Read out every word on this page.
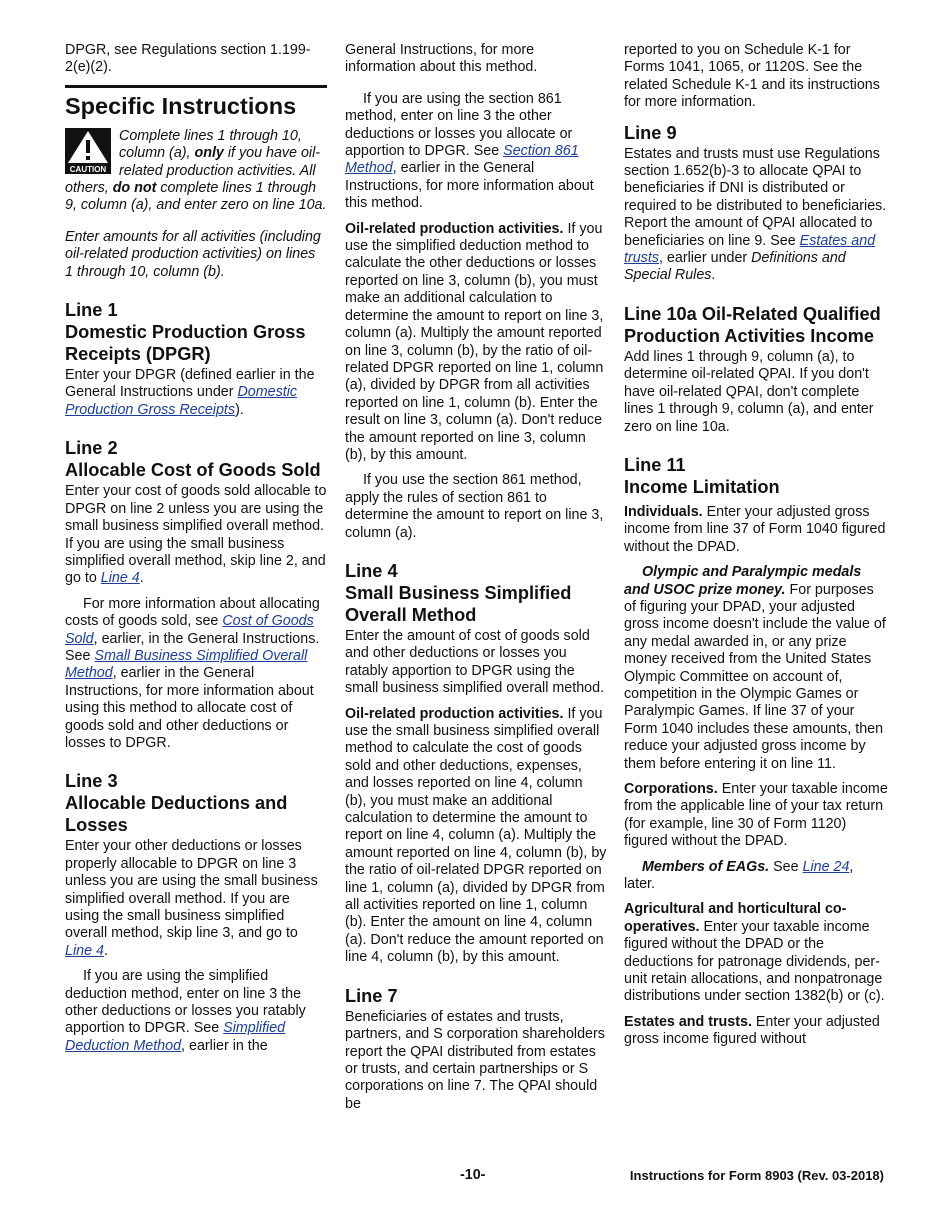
DPGR, see Regulations section 1.199-2(e)(2).

Specific Instructions
CAUTION

Complete lines 1 through 10, column (a), only if you have oil-related production activities. All others, do not complete lines 1 through 9, column (a), and enter zero on line 10a.

Enter amounts for all activities (including oil-related production activities) on lines 1 through 10, column (b).

Line 1
Domestic Production Gross Receipts (DPGR)

Enter your DPGR (defined earlier in the General Instructions under Domestic Production Gross Receipts).

Line 2
Allocable Cost of Goods Sold

Enter your cost of goods sold allocable to DPGR on line 2 unless you are using the small business simplified overall method. If you are using the small business simplified overall method, skip line 2, and go to Line 4.

For more information about allocating costs of goods sold, see Cost of Goods Sold, earlier, in the General Instructions. See Small Business Simplified Overall Method, earlier in the General Instructions, for more information about using this method to allocate cost of goods sold and other deductions or losses to DPGR.

Line 3
Allocable Deductions and Losses

Enter your other deductions or losses properly allocable to DPGR on line 3 unless you are using the small business simplified overall method. If you are using the small business simplified overall method, skip line 3, and go to Line 4.

If you are using the simplified deduction method, enter on line 3 the other deductions or losses you ratably apportion to DPGR. See Simplified Deduction Method, earlier in the

General Instructions, for more information about this method.

If you are using the section 861 method, enter on line 3 the other deductions or losses you allocate or apportion to DPGR. See Section 861 Method, earlier in the General Instructions, for more information about this method.

Oil-related production activities. If you use the simplified deduction method to calculate the other deductions or losses reported on line 3, column (b), you must make an additional calculation to determine the amount to report on line 3, column (a). Multiply the amount reported on line 3, column (b), by the ratio of oil-related DPGR reported on line 1, column (a), divided by DPGR from all activities reported on line 1, column (b). Enter the result on line 3, column (a). Don't reduce the amount reported on line 3, column (b), by this amount.

If you use the section 861 method, apply the rules of section 861 to determine the amount to report on line 3, column (a).

Line 4
Small Business Simplified Overall Method

Enter the amount of cost of goods sold and other deductions or losses you ratably apportion to DPGR using the small business simplified overall method.

Oil-related production activities. If you use the small business simplified overall method to calculate the cost of goods sold and other deductions, expenses, and losses reported on line 4, column (b), you must make an additional calculation to determine the amount to report on line 4, column (a). Multiply the amount reported on line 4, column (b), by the ratio of oil-related DPGR reported on line 1, column (a), divided by DPGR from all activities reported on line 1, column (b). Enter the amount on line 4, column (a). Don't reduce the amount reported on line 4, column (b), by this amount.

Line 7

Beneficiaries of estates and trusts, partners, and S corporation shareholders report the QPAI distributed from estates or trusts, and certain partnerships or S corporations on line 7. The QPAI should be

reported to you on Schedule K-1 for Forms 1041, 1065, or 1120S. See the related Schedule K-1 and its instructions for more information.

Line 9

Estates and trusts must use Regulations section 1.652(b)-3 to allocate QPAI to beneficiaries if DNI is distributed or required to be distributed to beneficiaries. Report the amount of QPAI allocated to beneficiaries on line 9. See Estates and trusts, earlier under Definitions and Special Rules.

Line 10a Oil-Related Qualified Production Activities Income

Add lines 1 through 9, column (a), to determine oil-related QPAI. If you don't have oil-related QPAI, don't complete lines 1 through 9, column (a), and enter zero on line 10a.

Line 11
Income Limitation

Individuals. Enter your adjusted gross income from line 37 of Form 1040 figured without the DPAD.

Olympic and Paralympic medals and USOC prize money. For purposes of figuring your DPAD, your adjusted gross income doesn't include the value of any medal awarded in, or any prize money received from the United States Olympic Committee on account of, competition in the Olympic Games or Paralympic Games. If line 37 of your Form 1040 includes these amounts, then reduce your adjusted gross income by them before entering it on line 11.

Corporations. Enter your taxable income from the applicable line of your tax return (for example, line 30 of Form 1120) figured without the DPAD.

Members of EAGs. See Line 24, later.

Agricultural and horticultural co-operatives. Enter your taxable income figured without the DPAD or the deductions for patronage dividends, per-unit retain allocations, and nonpatronage distributions under section 1382(b) or (c).

Estates and trusts. Enter your adjusted gross income figured without

-10-	Instructions for Form 8903 (Rev. 03-2018)
